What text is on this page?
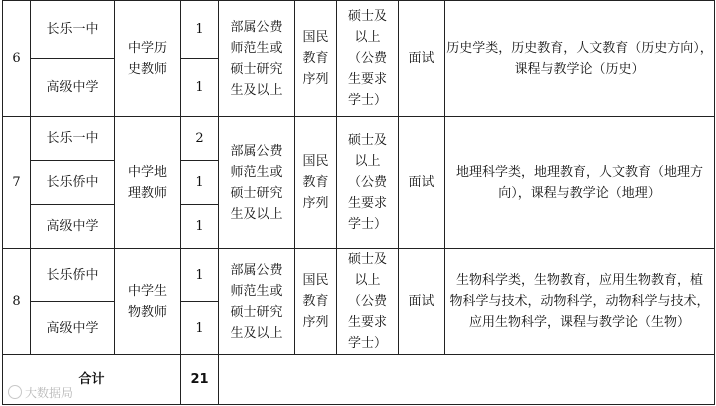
6	长乐一中	中学历
史教师	1	部属公费
师范生或
硕士研究
生及以上	国民
教育
序列	硕士及
以上
（公费
生要求
学士）	面试	历史学类，历史教育，人文教育（历史方向），
课程与教学论（历史）

	高级中学		1					
7	长乐一中	中学地
理教师	2	部属公费
师范生或
硕士研究
生及以上	国民
教育
序列	硕士及
以上
（公费
生要求
学士）	面试	地理科学类，地理教育，人文教育（地理方
向），课程与教学论（地理）

	长乐侨中		1					
	高级中学		1					
8	长乐侨中	中学生
物教师	1	部属公费
师范生或
硕士研究
生及以上	国民
教育
序列	硕士及
以上
（公费
生要求
学士）	面试	生物科学类，生物教育，应用生物教育，植
物科学与技术，动物科学，动物科学与技术，
应用生物科学，课程与教学论（生物）

	高级中学		1					
合计			21					
大数据局
